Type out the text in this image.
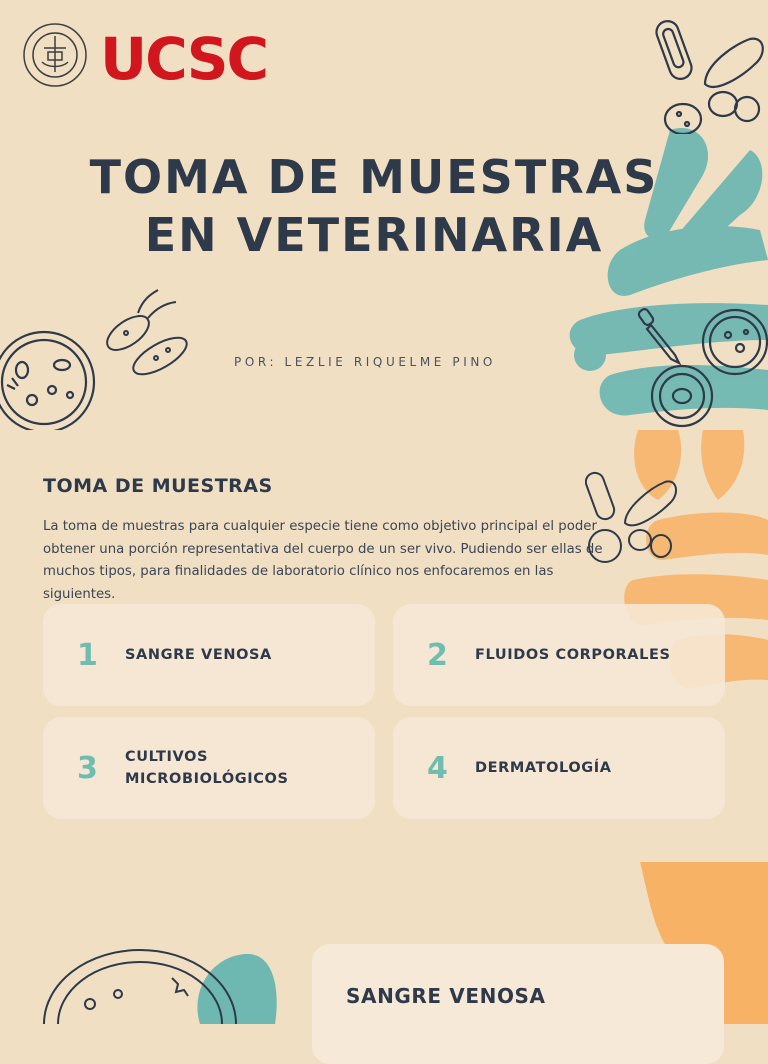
UCSC
TOMA DE MUESTRAS
EN VETERINARIA
POR: LEZLIE RIQUELME PINO
TOMA DE MUESTRAS
La toma de muestras para cualquier especie tiene como objetivo principal el poder obtener una porción representativa del cuerpo de un ser vivo. Pudiendo ser ellas de muchos tipos, para finalidades de laboratorio clínico nos enfocaremos en las siguientes.
1 SANGRE VENOSA	2 FLUIDOS CORPORALES
3 CULTIVOS MICROBIOLÓGICOS	4 DERMATOLOGÍA
SANGRE VENOSA
